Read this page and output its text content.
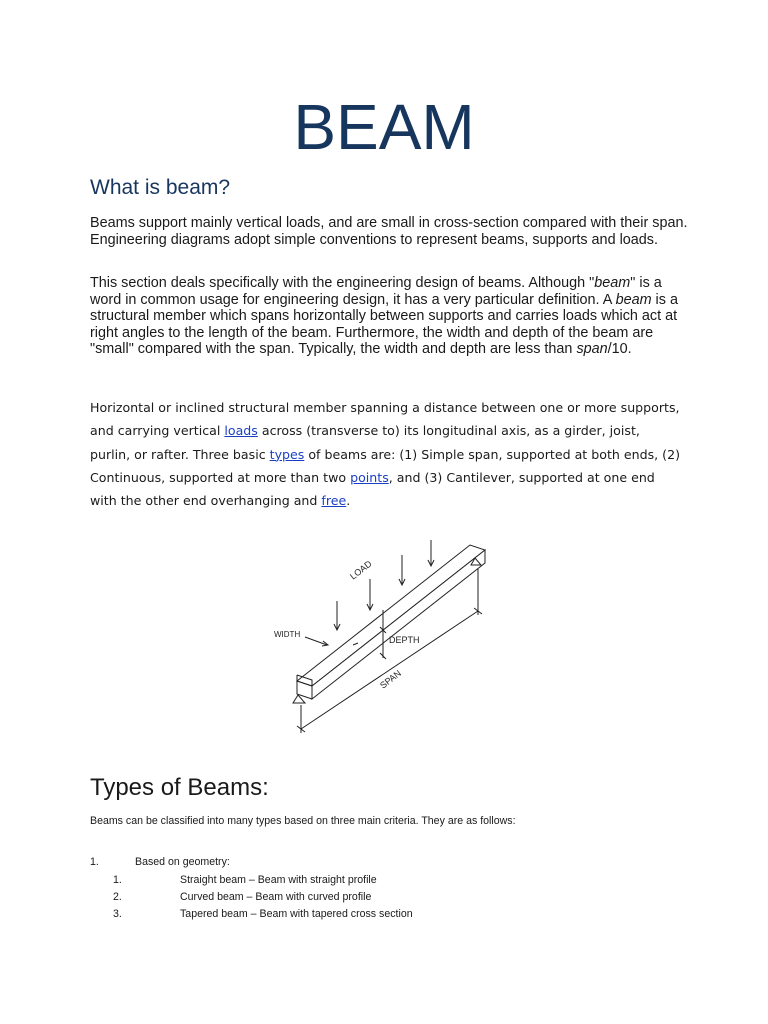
BEAM
What is beam?
Beams support mainly vertical loads, and are small in cross-section compared with their span. Engineering diagrams adopt simple conventions to represent beams, supports and loads.
This section deals specifically with the engineering design of beams. Although "beam" is a word in common usage for engineering design, it has a very particular definition. A beam is a structural member which spans horizontally between supports and carries loads which act at right angles to the length of the beam. Furthermore, the width and depth of the beam are "small" compared with the span. Typically, the width and depth are less than span/10.
Horizontal or inclined structural member spanning a distance between one or more supports, and carrying vertical loads across (transverse to) its longitudinal axis, as a girder, joist, purlin, or rafter. Three basic types of beams are: (1) Simple span, supported at both ends, (2) Continuous, supported at more than two points, and (3) Cantilever, supported at one end with the other end overhanging and free.
LOAD
WIDTH
DEPTH
SPAN
Types of Beams:
Beams can be classified into many types based on three main criteria. They are as follows:
1.	Based on geometry:
1.	Straight beam – Beam with straight profile
2.	Curved beam – Beam with curved profile
3.	Tapered beam – Beam with tapered cross section
